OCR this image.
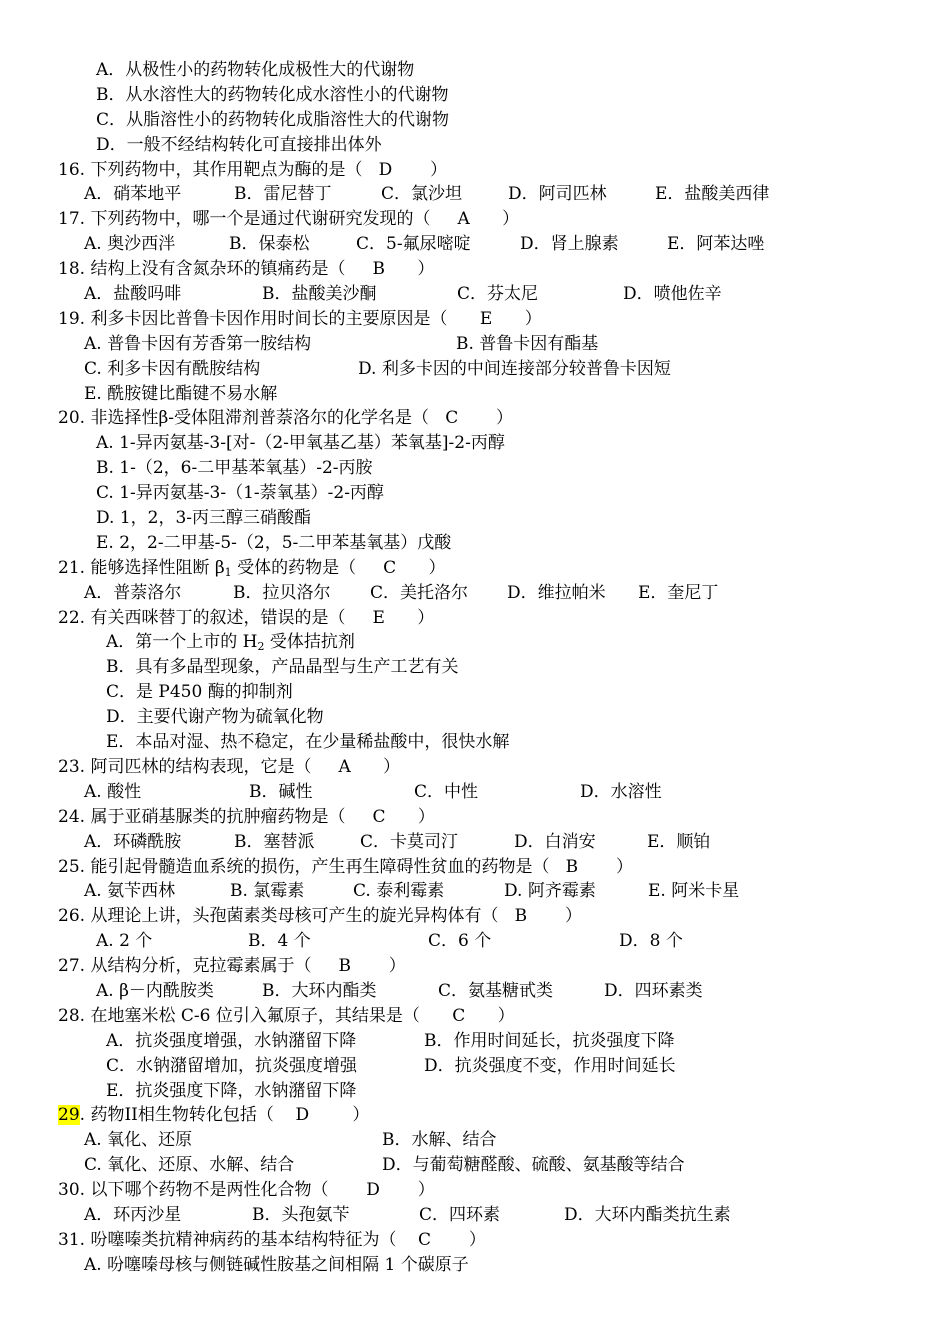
A．从极性小的药物转化成极性大的代谢物
B．从水溶性大的药物转化成水溶性小的代谢物
C．从脂溶性小的药物转化成脂溶性大的代谢物
D．一般不经结构转化可直接排出体外
16. 下列药物中，其作用靶点为酶的是（   D       ）
A．硝苯地平	B．雷尼替丁	C．氯沙坦	D．阿司匹林	E．盐酸美西律
17. 下列药物中，哪一个是通过代谢研究发现的（     A      ）
A. 奥沙西泮	B．保泰松	C．5-氟尿嘧啶	D．肾上腺素	E．阿苯达唑
18. 结构上没有含氮杂环的镇痛药是（     B      ）
A．盐酸吗啡	B．盐酸美沙酮	C．芬太尼	D．喷他佐辛
19. 利多卡因比普鲁卡因作用时间长的主要原因是（      E      ）
A. 普鲁卡因有芳香第一胺结构	B. 普鲁卡因有酯基
C. 利多卡因有酰胺结构	D. 利多卡因的中间连接部分较普鲁卡因短
E. 酰胺键比酯键不易水解
20. 非选择性β-受体阻滞剂普萘洛尔的化学名是（   C       ）
A. 1-异丙氨基-3-[对-（2-甲氧基乙基）苯氧基]-2-丙醇
B. 1-（2，6-二甲基苯氧基）-2-丙胺
C. 1-异丙氨基-3-（1-萘氧基）-2-丙醇
D. 1，2，3-丙三醇三硝酸酯
E. 2，2-二甲基-5-（2，5-二甲苯基氧基）戊酸
21. 能够选择性阻断 $\beta_1$ 受体的药物是（     C      ）
A．普萘洛尔	B．拉贝洛尔 C．美托洛尔 D．维拉帕米 E．奎尼丁
22. 有关西咪替丁的叙述，错误的是（     E      ）
A．第一个上市的 $H_2$ 受体拮抗剂
B．具有多晶型现象，产品晶型与生产工艺有关
C．是 P450 酶的抑制剂
D．主要代谢产物为硫氧化物
E．本品对湿、热不稳定，在少量稀盐酸中，很快水解
23. 阿司匹林的结构表现，它是（     A      ）
A. 酸性	B．碱性	C．中性	D．水溶性
24. 属于亚硝基脲类的抗肿瘤药物是（     C      ）
A．环磷酰胺	B．塞替派	C．卡莫司汀	D．白消安	E．顺铂
25. 能引起骨髓造血系统的损伤，产生再生障碍性贫血的药物是（   B       ）
A. 氨苄西林	B. 氯霉素	C. 泰利霉素	D. 阿齐霉素	E. 阿米卡星
26. 从理论上讲，头孢菌素类母核可产生的旋光异构体有（   B       ）
A. 2 个	B．4 个	C．6 个	D．8 个
27. 从结构分析，克拉霉素属于（     B       ）
A. β－内酰胺类	B．大环内酯类	C．氨基糖甙类	D．四环素类
28. 在地塞米松 C-6 位引入氟原子，其结果是（      C      ）
A．抗炎强度增强，水钠潴留下降	B．作用时间延长，抗炎强度下降
C．水钠潴留增加，抗炎强度增强	D．抗炎强度不变，作用时间延长
E．抗炎强度下降，水钠潴留下降
29. 药物II相生物转化包括（    D        ）
A. 氧化、还原	B．水解、结合
C. 氧化、还原、水解、结合	D．与葡萄糖醛酸、硫酸、氨基酸等结合
30. 以下哪个药物不是两性化合物（       D       ）
A．环丙沙星	B．头孢氨苄	C．四环素	D．大环内酯类抗生素
31. 吩噻嗪类抗精神病药的基本结构特征为（    C       ）
A. 吩噻嗪母核与侧链碱性胺基之间相隔 1 个碳原子
